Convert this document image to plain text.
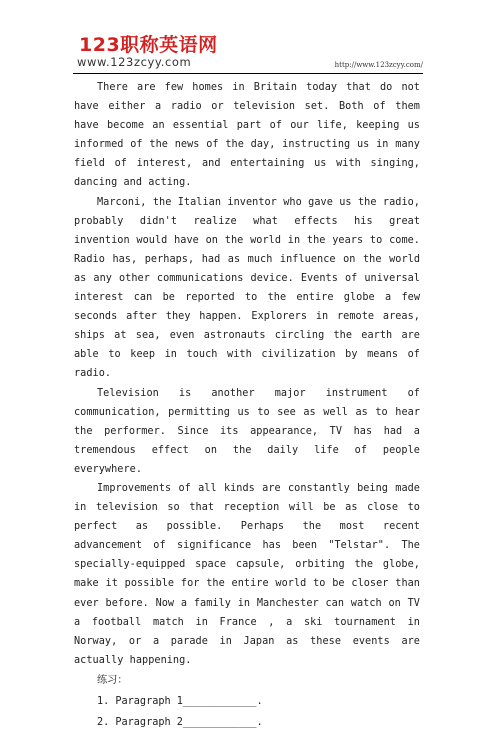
123职称英语网
www.123zcyy.com	http://www.123zcyy.com/

There are few homes in Britain today that do not have either a radio or television set. Both of them have become an essential part of our life, keeping us informed of the news of the day, instructing us in many field of interest, and entertaining us with singing, dancing and acting.

Marconi, the Italian inventor who gave us the radio, probably didn't realize what effects his great invention would have on the world in the years to come. Radio has, perhaps, had as much influence on the world as any other communications device. Events of universal interest can be reported to the entire globe a few seconds after they happen. Explorers in remote areas, ships at sea, even astronauts circling the earth are able to keep in touch with civilization by means of radio.

Television is another major instrument of communication, permitting us to see as well as to hear the performer. Since its appearance, TV has had a tremendous effect on the daily life of people everywhere.

Improvements of all kinds are constantly being made in television so that reception will be as close to perfect as possible. Perhaps the most recent advancement of significance has been "Telstar". The specially-equipped space capsule, orbiting the globe, make it possible for the entire world to be closer than ever before. Now a family in Manchester can watch on TV a football match in France , a ski tournament in Norway, or a parade in Japan as these events are actually happening.

练习：

1. Paragraph 1____________.

2. Paragraph 2____________.
